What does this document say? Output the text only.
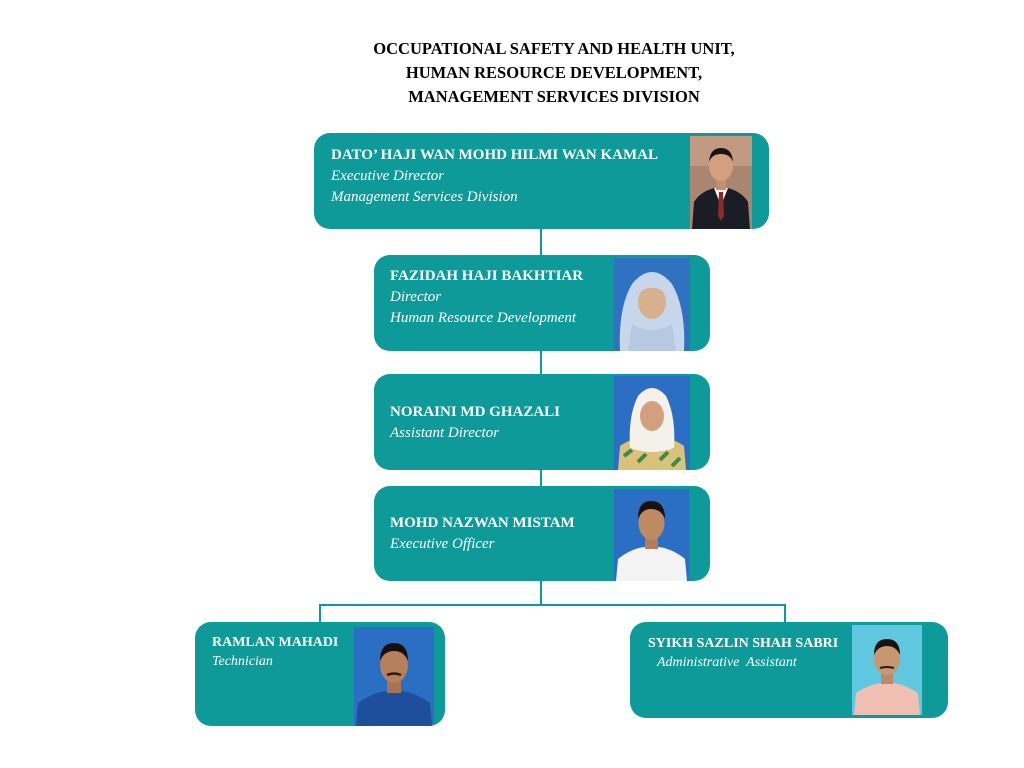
OCCUPATIONAL SAFETY AND HEALTH UNIT,
HUMAN RESOURCE DEVELOPMENT,
MANAGEMENT SERVICES DIVISION
DATO’ HAJI WAN MOHD HILMI WAN KAMAL
Executive Director
Management Services Division
FAZIDAH HAJI BAKHTIAR
Director
Human Resource Development
NORAINI MD GHAZALI
Assistant Director
MOHD NAZWAN MISTAM
Executive Officer
RAMLAN MAHADI
Technician
SYIKH SAZLIN SHAH SABRI
Administrative  Assistant
